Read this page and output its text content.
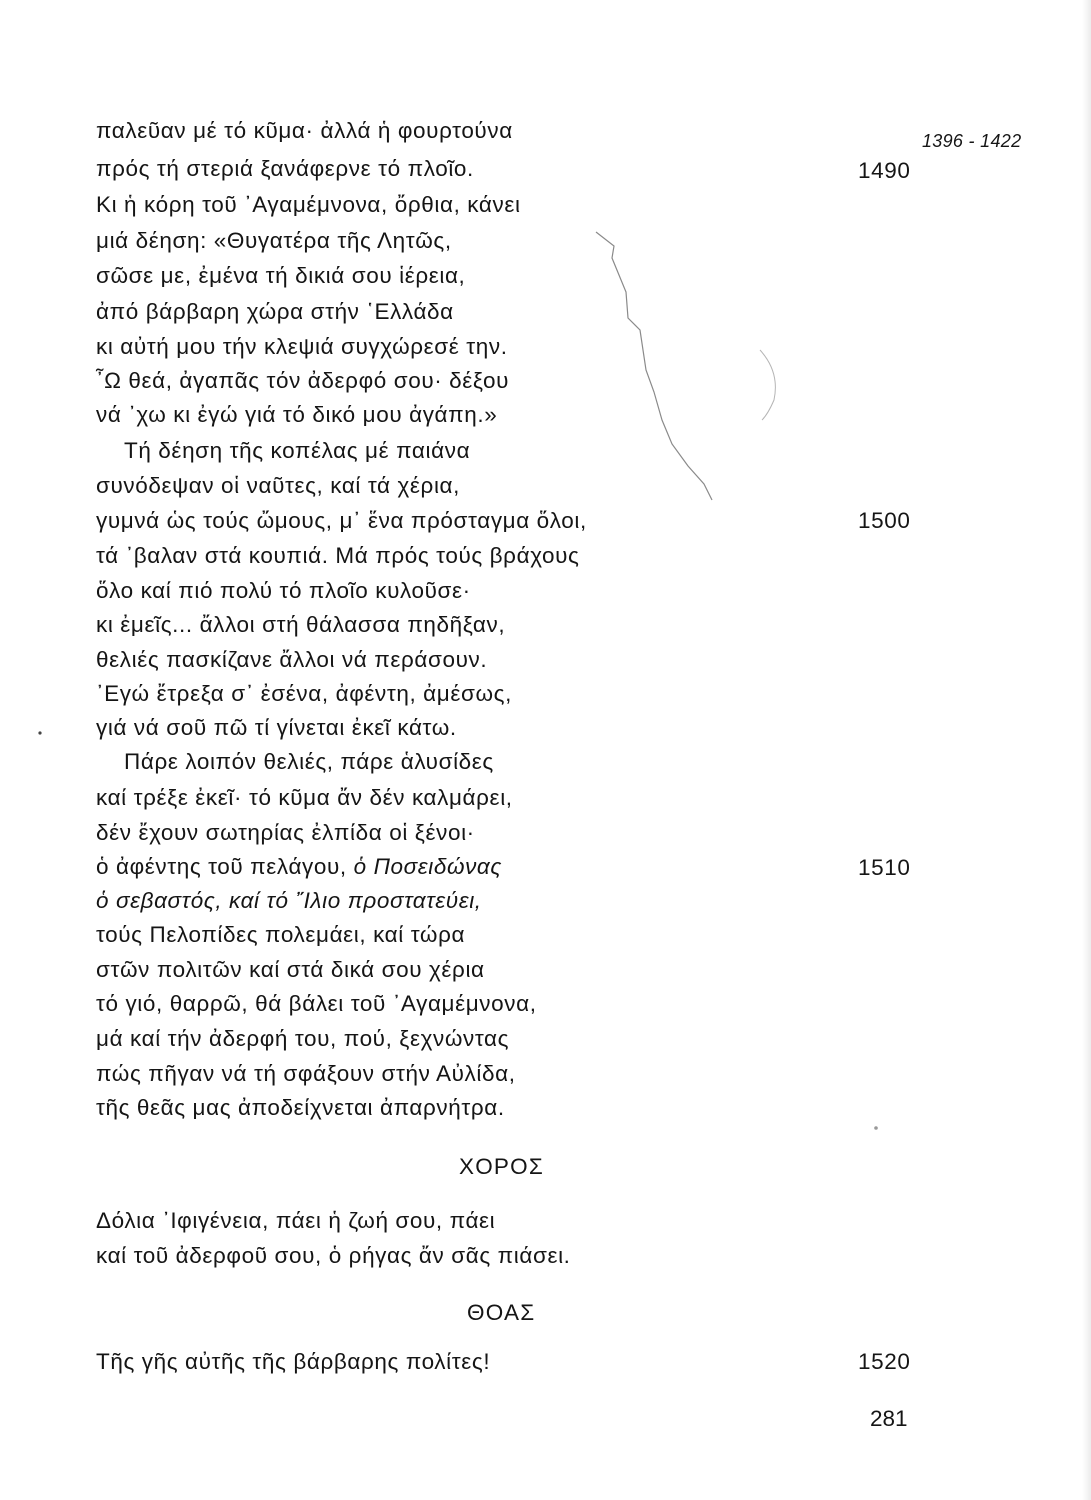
1396 - 1422
παλεῦαν μέ τό κῦμα· ἀλλά ἡ φουρτούνα
πρός τή στεριά ξανάφερνε τό πλοῖο.	1490
Κι ἡ κόρη τοῦ ᾿Αγαμέμνονα, ὄρθια, κάνει
μιά δέηση: «Θυγατέρα τῆς Λητῶς,
σῶσε με, ἐμένα τή δικιά σου ἱέρεια,
ἀπό βάρβαρη χώρα στήν ῾Ελλάδα
κι αὐτή μου τήν κλεψιά συγχώρεσέ την.
῏Ω θεά, ἀγαπᾶς τόν ἀδερφό σου· δέξου
νά ᾿χω κι ἐγώ γιά τό δικό μου ἀγάπη.»
Τή δέηση τῆς κοπέλας μέ παιάνα
συνόδεψαν οἱ ναῦτες, καί τά χέρια,
γυμνά ὡς τούς ὤμους, μ᾿ ἕνα πρόσταγμα ὅλοι,	1500
τά ᾿βαλαν στά κουπιά. Μά πρός τούς βράχους
ὅλο καί πιό πολύ τό πλοῖο κυλοῦσε·
κι ἐμεῖς... ἄλλοι στή θάλασσα πηδῆξαν,
θελιές πασκίζανε ἄλλοι νά περάσουν.
᾿Εγώ ἔτρεξα σ᾿ ἐσένα, ἀφέντη, ἀμέσως,
γιά νά σοῦ πῶ τί γίνεται ἐκεῖ κάτω.
Πάρε λοιπόν θελιές, πάρε ἁλυσίδες
καί τρέξε ἐκεῖ· τό κῦμα ἄν δέν καλμάρει,
δέν ἔχουν σωτηρίας ἐλπίδα οἱ ξένοι·
ὁ ἀφέντης τοῦ πελάγου, ὁ Ποσειδώνας	1510
ὁ σεβαστός, καί τό ῎Ιλιο προστατεύει,
τούς Πελοπίδες πολεμάει, καί τώρα
στῶν πολιτῶν καί στά δικά σου χέρια
τό γιό, θαρρῶ, θά βάλει τοῦ ᾿Αγαμέμνονα,
μά καί τήν ἀδερφή του, πού, ξεχνώντας
πώς πῆγαν νά τή σφάξουν στήν Αὐλίδα,
τῆς θεᾶς μας ἀποδείχνεται ἀπαρνήτρα.
ΧΟΡΟΣ
Δόλια ᾿Ιφιγένεια, πάει ἡ ζωή σου, πάει
καί τοῦ ἀδερφοῦ σου, ὁ ρήγας ἄν σᾶς πιάσει.
ΘΟΑΣ
Τῆς γῆς αὐτῆς τῆς βάρβαρης πολίτες!	1520
281
